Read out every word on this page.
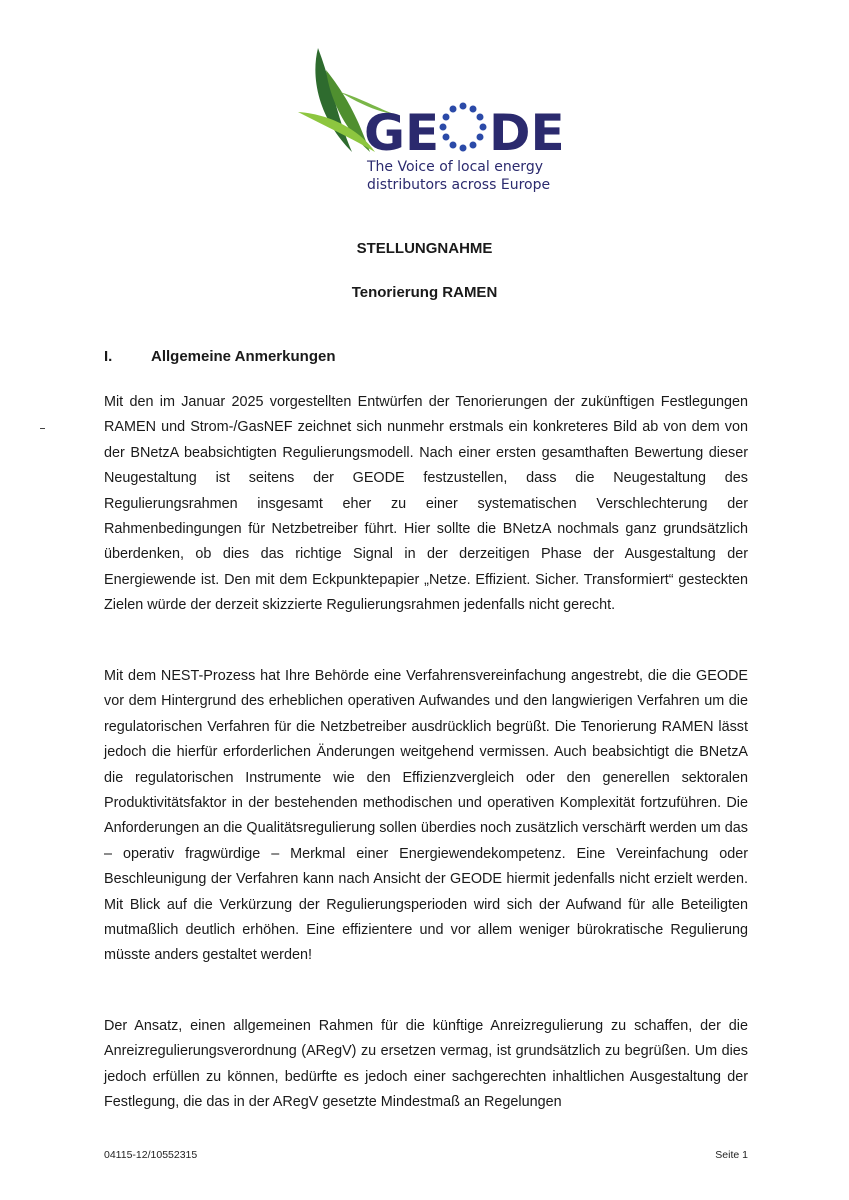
GE DE
The Voice of local energy
distributors across Europe
STELLUNGNAHME
Tenorierung RAMEN
I.	Allgemeine Anmerkungen

Mit den im Januar 2025 vorgestellten Entwürfen der Tenorierungen der zukünftigen Festlegungen RAMEN und Strom-/GasNEF zeichnet sich nunmehr erstmals ein konkreteres Bild ab von dem von der BNetzA beabsichtigten Regulierungsmodell. Nach einer ersten gesamthaften Bewertung dieser Neugestaltung ist seitens der GEODE festzustellen, dass die Neugestaltung des Regulierungsrahmen insgesamt eher zu einer systematischen Verschlechterung der Rahmenbedingungen für Netzbetreiber führt. Hier sollte die BNetzA nochmals ganz grundsätzlich überdenken, ob dies das richtige Signal in der derzeitigen Phase der Ausgestaltung der Energiewende ist. Den mit dem Eckpunktepapier „Netze. Effizient. Sicher. Transformiert“ gesteckten Zielen würde der derzeit skizzierte Regulierungsrahmen jedenfalls nicht gerecht.

Mit dem NEST-Prozess hat Ihre Behörde eine Verfahrensvereinfachung angestrebt, die die GEODE vor dem Hintergrund des erheblichen operativen Aufwandes und den langwierigen Verfahren um die regulatorischen Verfahren für die Netzbetreiber ausdrücklich begrüßt. Die Tenorierung RAMEN lässt jedoch die hierfür erforderlichen Änderungen weitgehend vermissen. Auch beabsichtigt die BNetzA die regulatorischen Instrumente wie den Effizienzvergleich oder den generellen sektoralen Produktivitätsfaktor in der bestehenden methodischen und operativen Komplexität fortzuführen. Die Anforderungen an die Qualitätsregulierung sollen überdies noch zusätzlich verschärft werden um das – operativ fragwürdige – Merkmal einer Energiewendekompetenz. Eine Vereinfachung oder Beschleunigung der Verfahren kann nach Ansicht der GEODE hiermit jedenfalls nicht erzielt werden. Mit Blick auf die Verkürzung der Regulierungsperioden wird sich der Aufwand für alle Beteiligten mutmaßlich deutlich erhöhen. Eine effizientere und vor allem weniger bürokratische Regulierung müsste anders gestaltet werden!

Der Ansatz, einen allgemeinen Rahmen für die künftige Anreizregulierung zu schaffen, der die Anreizregulierungsverordnung (ARegV) zu ersetzen vermag, ist grundsätzlich zu begrüßen. Um dies jedoch erfüllen zu können, bedürfte es jedoch einer sachgerechten inhaltlichen Ausgestaltung der Festlegung, die das in der ARegV gesetzte Mindestmaß an Regelungen

04115-12/10552315	Seite 1
